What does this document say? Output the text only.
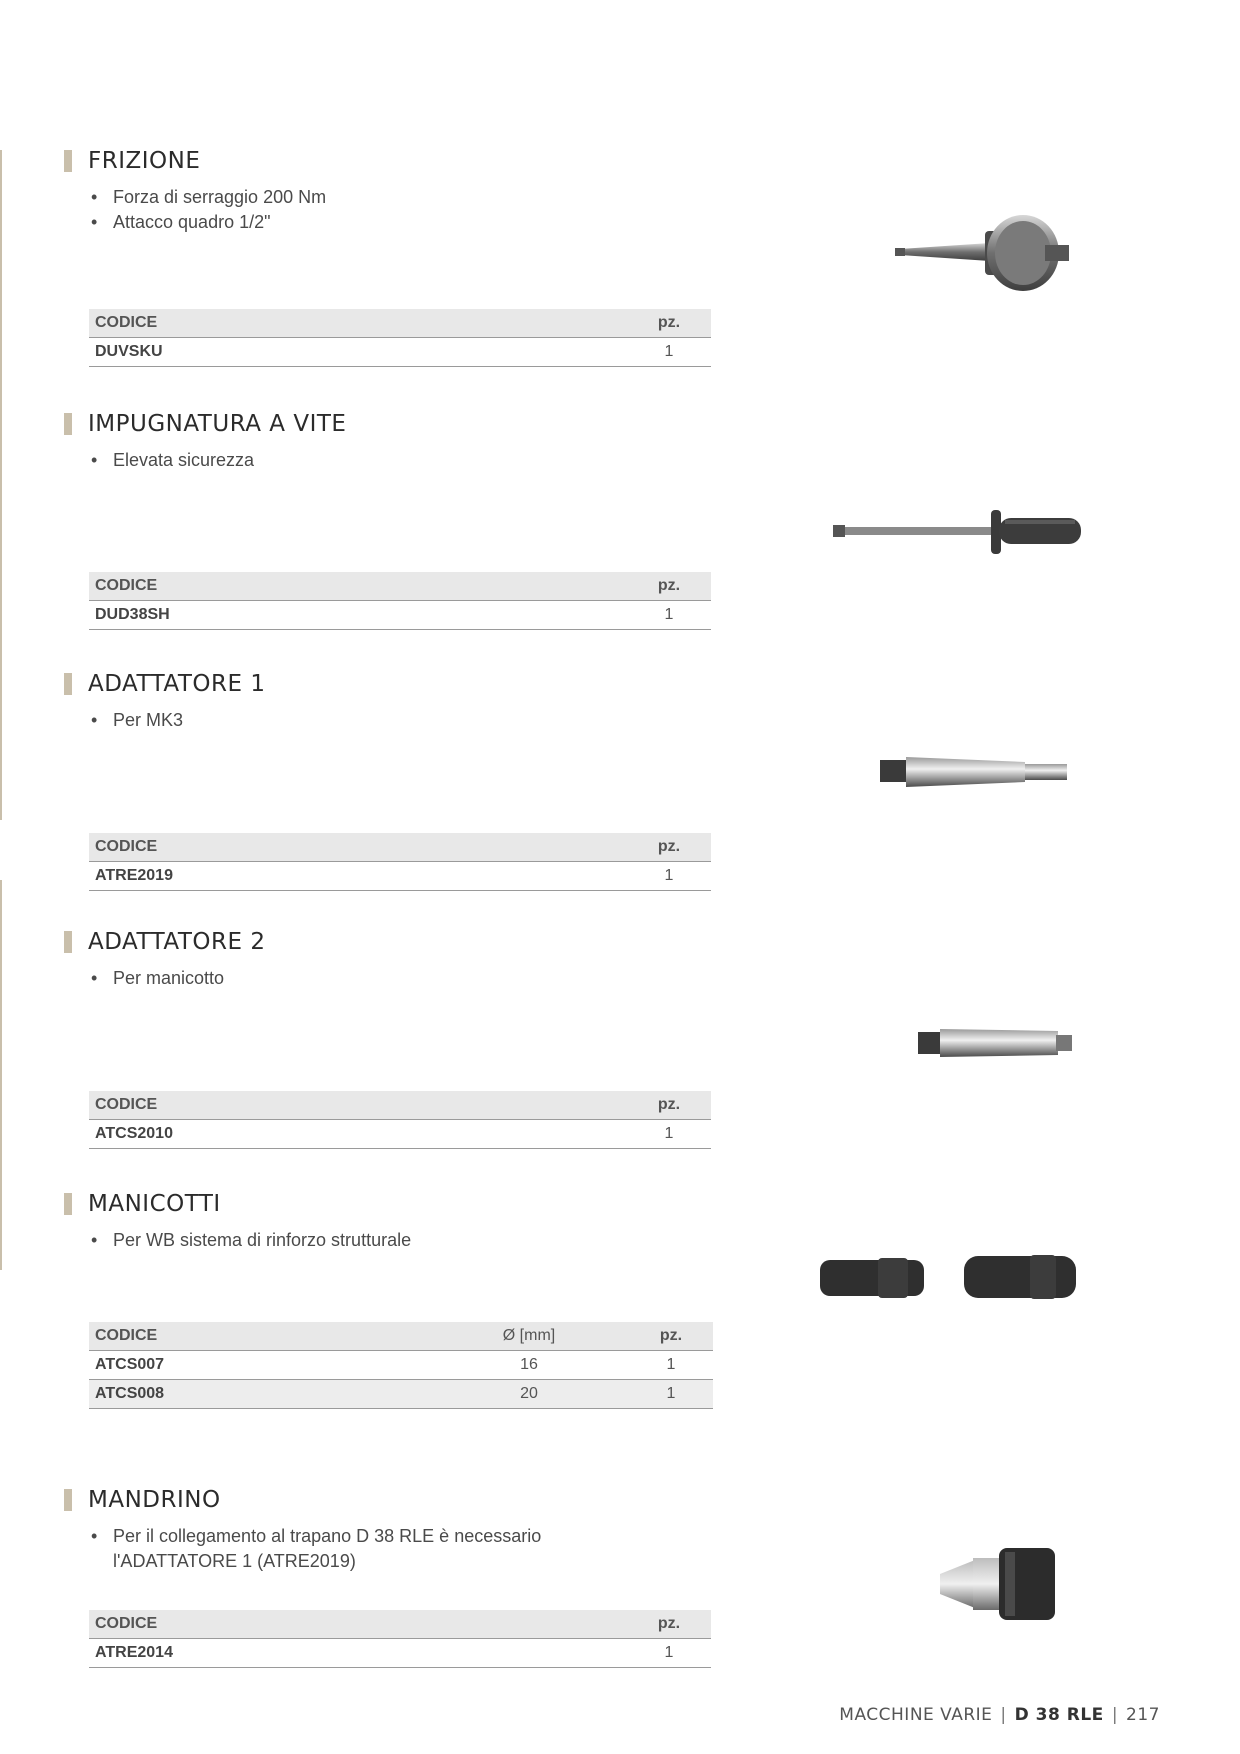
FRIZIONE
• Forza di serraggio 200 Nm
• Attacco quadro 1/2"
CODICE	pz.
DUVSKU	1
IMPUGNATURA A VITE
• Elevata sicurezza
CODICE	pz.
DUD38SH	1
ADATTATORE 1
• Per MK3
CODICE	pz.
ATRE2019	1
ADATTATORE 2
• Per manicotto
CODICE	pz.
ATCS2010	1
MANICOTTI
• Per WB sistema di rinforzo strutturale
CODICE	Ø [mm]	pz.
ATCS007	16	1
ATCS008	20	1
MANDRINO
• Per il collegamento al trapano D 38 RLE è necessario l'ADATTATORE 1 (ATRE2019)
CODICE	pz.
ATRE2014	1
MACCHINE VARIE | D 38 RLE | 217
